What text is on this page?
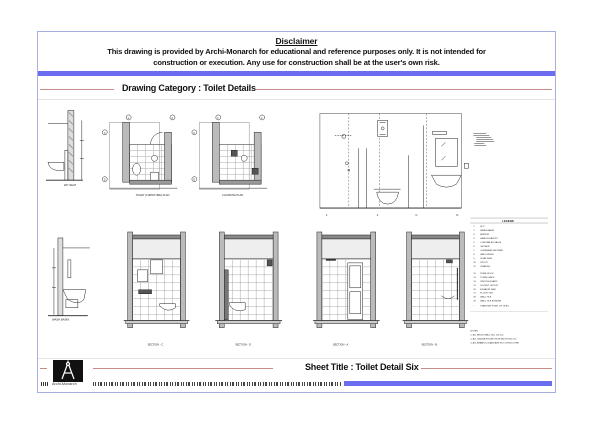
Disclaimer
This drawing is provided by Archi-Monarch for educational and reference purposes only. It is not intended for
construction or execution. Any use for construction shall be at the user's own risk.
Drawing Category : Toilet Details
WC SEAT
WASH BASIN
1	2
C
D
TOILET (FURNITURE) PLAN
1	2
C
D
FLOORING PLAN
1	2	C	D
SECTION - C	SECTION - D	SECTION - A	SECTION - B
LEGEND
1	W.C.
2	WASH BASIN
3	MIRROR
4	HEALTH FAUCET
5	CONCEALED VALVE
6	GEYSER
7	OVERHEAD SHOWER
8	WALL MIXER
9	SOAP DISH
10	SPOUT
11	GRATING
12	ROBE HOOK
13	TOWEL RACK
14	SWITCH BOARD
15	SOCKET OUTLET
16	EXHAUST FAN
17	FLOOR TILE
18	WALL TILE
19	WALL TILE BORDER
*	STARTING POINT OF TILES
NOTES:
1. ALL BRICK WALL 230, 115 mm.
2. ALL CHAJJA PROJECTION WIDTH 450 mm.
3. ALL BEAMS & SLABS ARE RCC STRUCTURE
Archi-Monarch
Sheet Title : Toilet Detail Six
